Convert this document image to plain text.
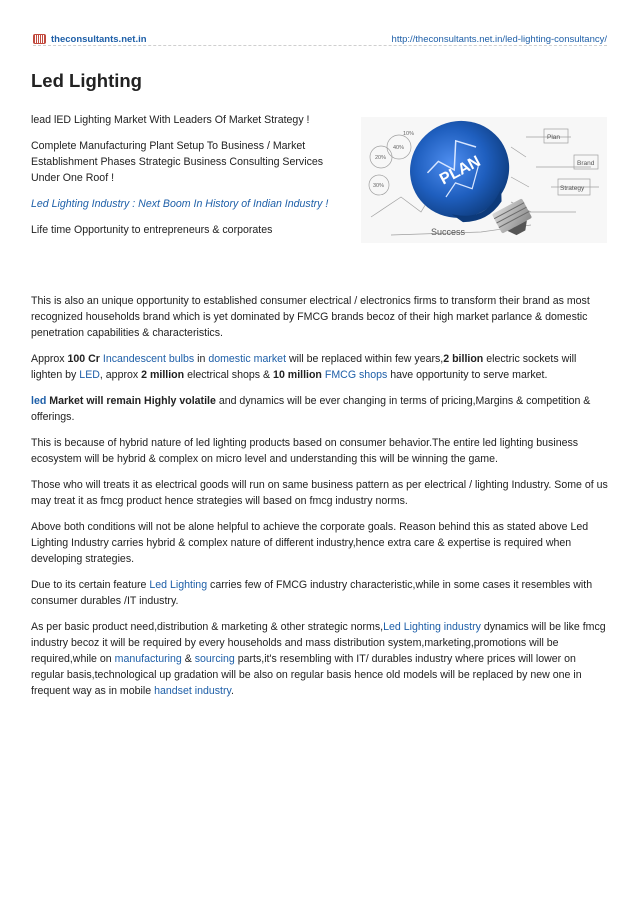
theconsultants.net.in	http://theconsultants.net.in/led-lighting-consultancy/
Led Lighting

lead lED Lighting Market With Leaders Of Market Strategy !

Complete Manufacturing Plant Setup To Business / Market Establishment Phases Strategic Business Consulting Services Under One Roof !

Led Lighting Industry : Next Boom In History of Indian Industry !

Life time Opportunity to entrepreneurs & corporates

20%
40%
30%
10%	Plan
Strategy
Brand
Success
PLAN

This is also an unique opportunity to established consumer electrical / electronics firms to transform their brand as most recognized households brand which is yet dominated by FMCG brands becoz of their high market parlance & domestic penetration capabilities & characteristics.

Approx 100 Cr Incandescent bulbs in domestic market will be replaced within few years,2 billion electric sockets will lighten by LED, approx 2 million electrical shops & 10 million FMCG shops have opportunity to serve market.

led Market will remain Highly volatile and dynamics will be ever changing in terms of pricing,Margins & competition & offerings.

This is because of hybrid nature of led lighting products based on consumer behavior.The entire led lighting business ecosystem will be hybrid & complex on micro level and understanding this will be winning the game.

Those who will treats it as electrical goods will run on same business pattern as per electrical / lighting Industry. Some of us may treat it as fmcg product hence strategies will based on fmcg industry norms.

Above both conditions will not be alone helpful to achieve the corporate goals. Reason behind this as stated above Led Lighting Industry carries hybrid & complex nature of different industry,hence extra care & expertise is required when developing strategies.

Due to its certain feature Led Lighting carries few of FMCG industry characteristic,while in some cases it resembles with consumer durables /IT industry.

As per basic product need,distribution & marketing & other strategic norms,Led Lighting industry dynamics will be like fmcg industry becoz it will be required by every households and mass distribution system,marketing,promotions will be required,while on manufacturing & sourcing parts,it's resembling with IT/ durables industry where prices will lower on regular basis,technological up gradation will be also on regular basis hence old models will be replaced by new one in frequent way as in mobile handset industry.
